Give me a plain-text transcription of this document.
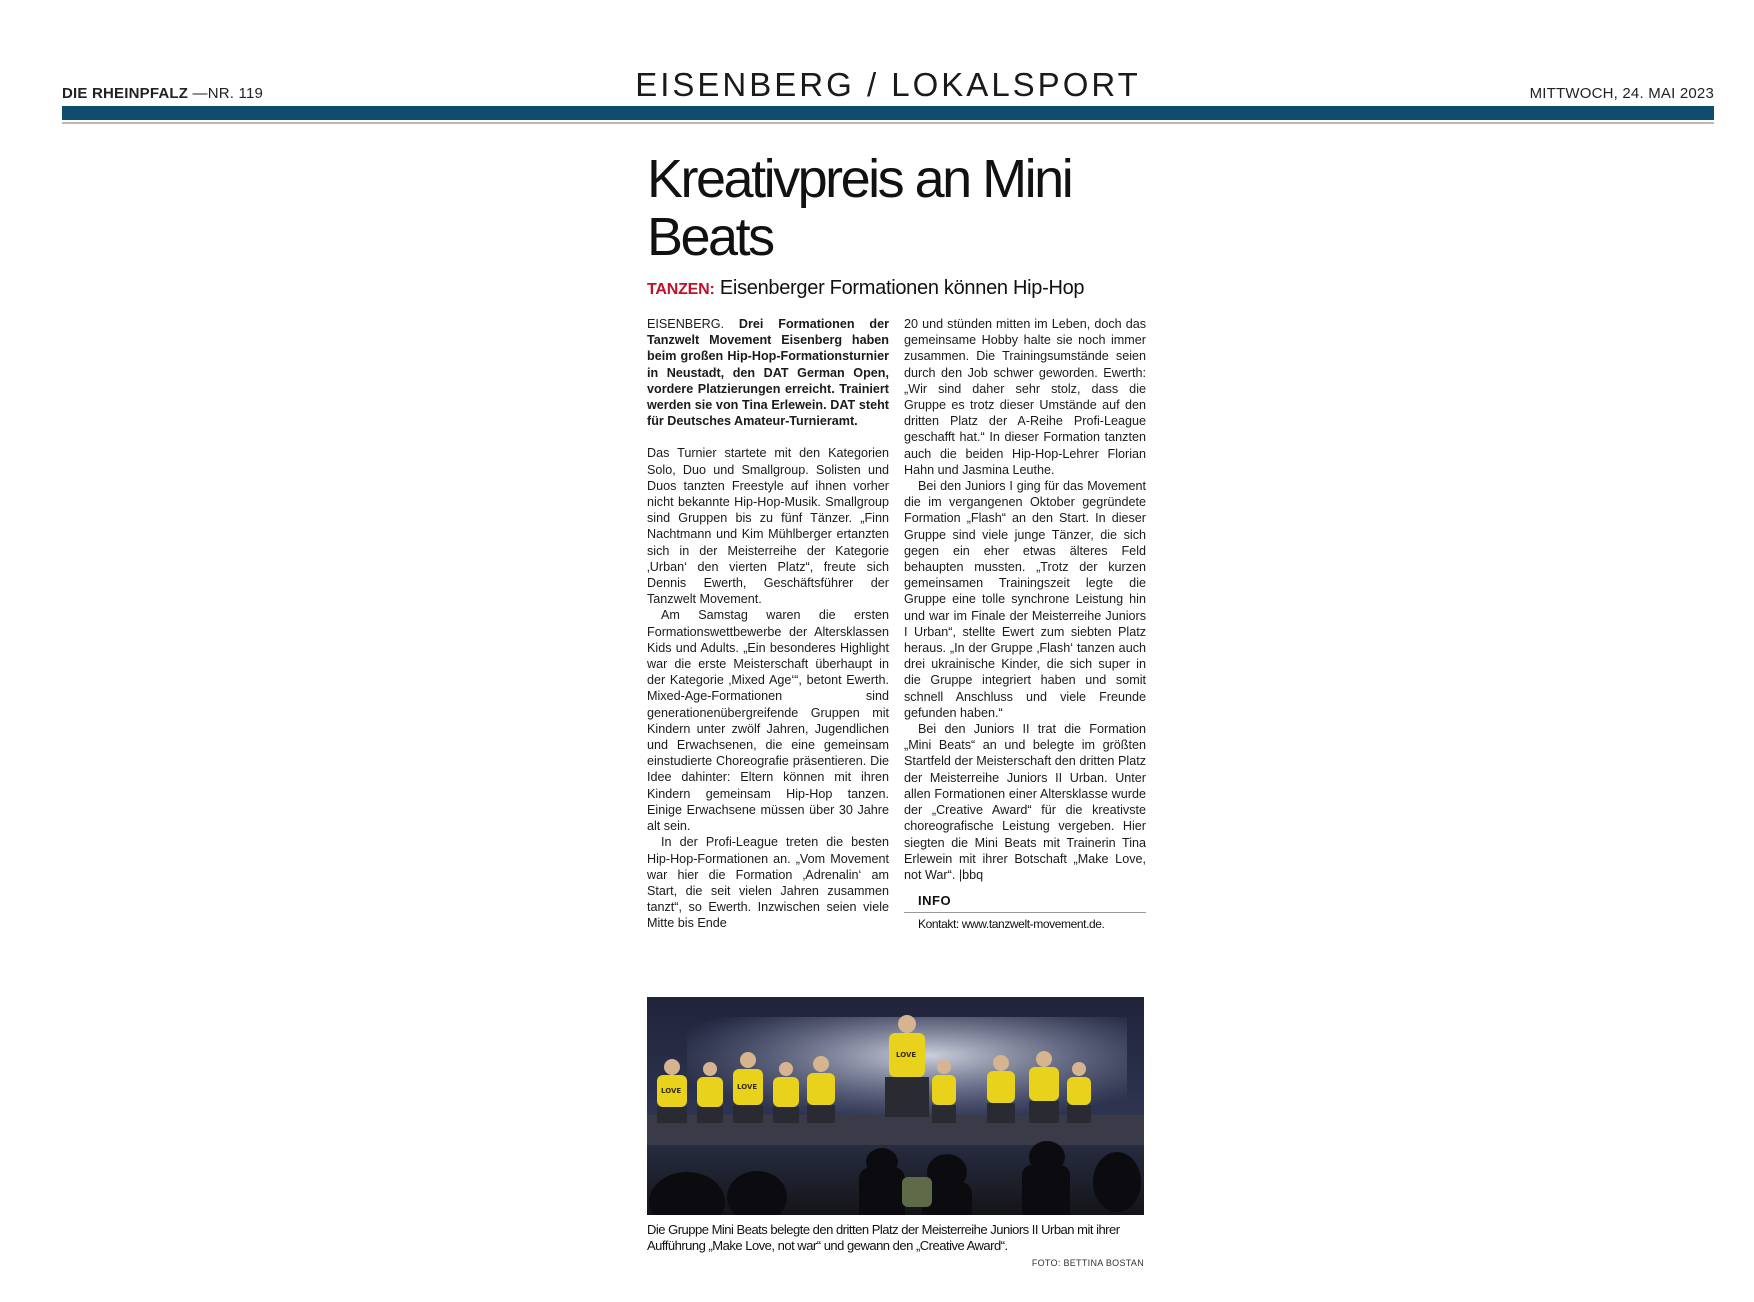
DIE RHEINPFALZ —NR. 119	EISENBERG / LOKALSPORT	MITTWOCH, 24. MAI 2023
Kreativpreis an Mini Beats
TANZEN: Eisenberger Formationen können Hip-Hop

EISENBERG. Drei Formationen der Tanzwelt Movement Eisenberg haben beim großen Hip-Hop-Formationsturnier in Neustadt, den DAT German Open, vordere Platzierungen erreicht. Trainiert werden sie von Tina Erlewein. DAT steht für Deutsches Amateur-Turnieramt.

Das Turnier startete mit den Kategorien Solo, Duo und Smallgroup. Solisten und Duos tanzten Freestyle auf ihnen vorher nicht bekannte Hip-Hop-Musik. Smallgroup sind Gruppen bis zu fünf Tänzer. „Finn Nachtmann und Kim Mühlberger ertanzten sich in der Meisterreihe der Kategorie ‚Urban‘ den vierten Platz“, freute sich Dennis Ewerth, Geschäftsführer der Tanzwelt Movement.

Am Samstag waren die ersten Formationswettbewerbe der Altersklassen Kids und Adults. „Ein besonderes Highlight war die erste Meisterschaft überhaupt in der Kategorie ‚Mixed Age‘“, betont Ewerth. Mixed-Age-Formationen sind generationenübergreifende Gruppen mit Kindern unter zwölf Jahren, Jugendlichen und Erwachsenen, die eine gemeinsam einstudierte Choreografie präsentieren. Die Idee dahinter: Eltern können mit ihren Kindern gemeinsam Hip-Hop tanzen. Einige Erwachsene müssen über 30 Jahre alt sein.

In der Profi-League treten die besten Hip-Hop-Formationen an. „Vom Movement war hier die Formation ‚Adrenalin‘ am Start, die seit vielen Jahren zusammen tanzt“, so Ewerth. Inzwischen seien viele Mitte bis Ende

20 und stünden mitten im Leben, doch das gemeinsame Hobby halte sie noch immer zusammen. Die Trainingsumstände seien durch den Job schwer geworden. Ewerth: „Wir sind daher sehr stolz, dass die Gruppe es trotz dieser Umstände auf den dritten Platz der A-Reihe Profi-League geschafft hat.“ In dieser Formation tanzten auch die beiden Hip-Hop-Lehrer Florian Hahn und Jasmina Leuthe.

Bei den Juniors I ging für das Movement die im vergangenen Oktober gegründete Formation „Flash“ an den Start. In dieser Gruppe sind viele junge Tänzer, die sich gegen ein eher etwas älteres Feld behaupten mussten. „Trotz der kurzen gemeinsamen Trainingszeit legte die Gruppe eine tolle synchrone Leistung hin und war im Finale der Meisterreihe Juniors I Urban“, stellte Ewert zum siebten Platz heraus. „In der Gruppe ‚Flash‘ tanzen auch drei ukrainische Kinder, die sich super in die Gruppe integriert haben und somit schnell Anschluss und viele Freunde gefunden haben.“

Bei den Juniors II trat die Formation „Mini Beats“ an und belegte im größten Startfeld der Meisterschaft den dritten Platz der Meisterreihe Juniors II Urban. Unter allen Formationen einer Altersklasse wurde der „Creative Award“ für die kreativste choreografische Leistung vergeben. Hier siegten die Mini Beats mit Trainerin Tina Erlewein mit ihrer Botschaft „Make Love, not War“. |bbq

INFO
Kontakt: www.tanzwelt-movement.de.
LOVE	LOVE
LOVE
Die Gruppe Mini Beats belegte den dritten Platz der Meisterreihe Juniors II Urban mit ihrer Aufführung „Make Love, not war“ und gewann den „Creative Award“.
FOTO: BETTINA BOSTAN
